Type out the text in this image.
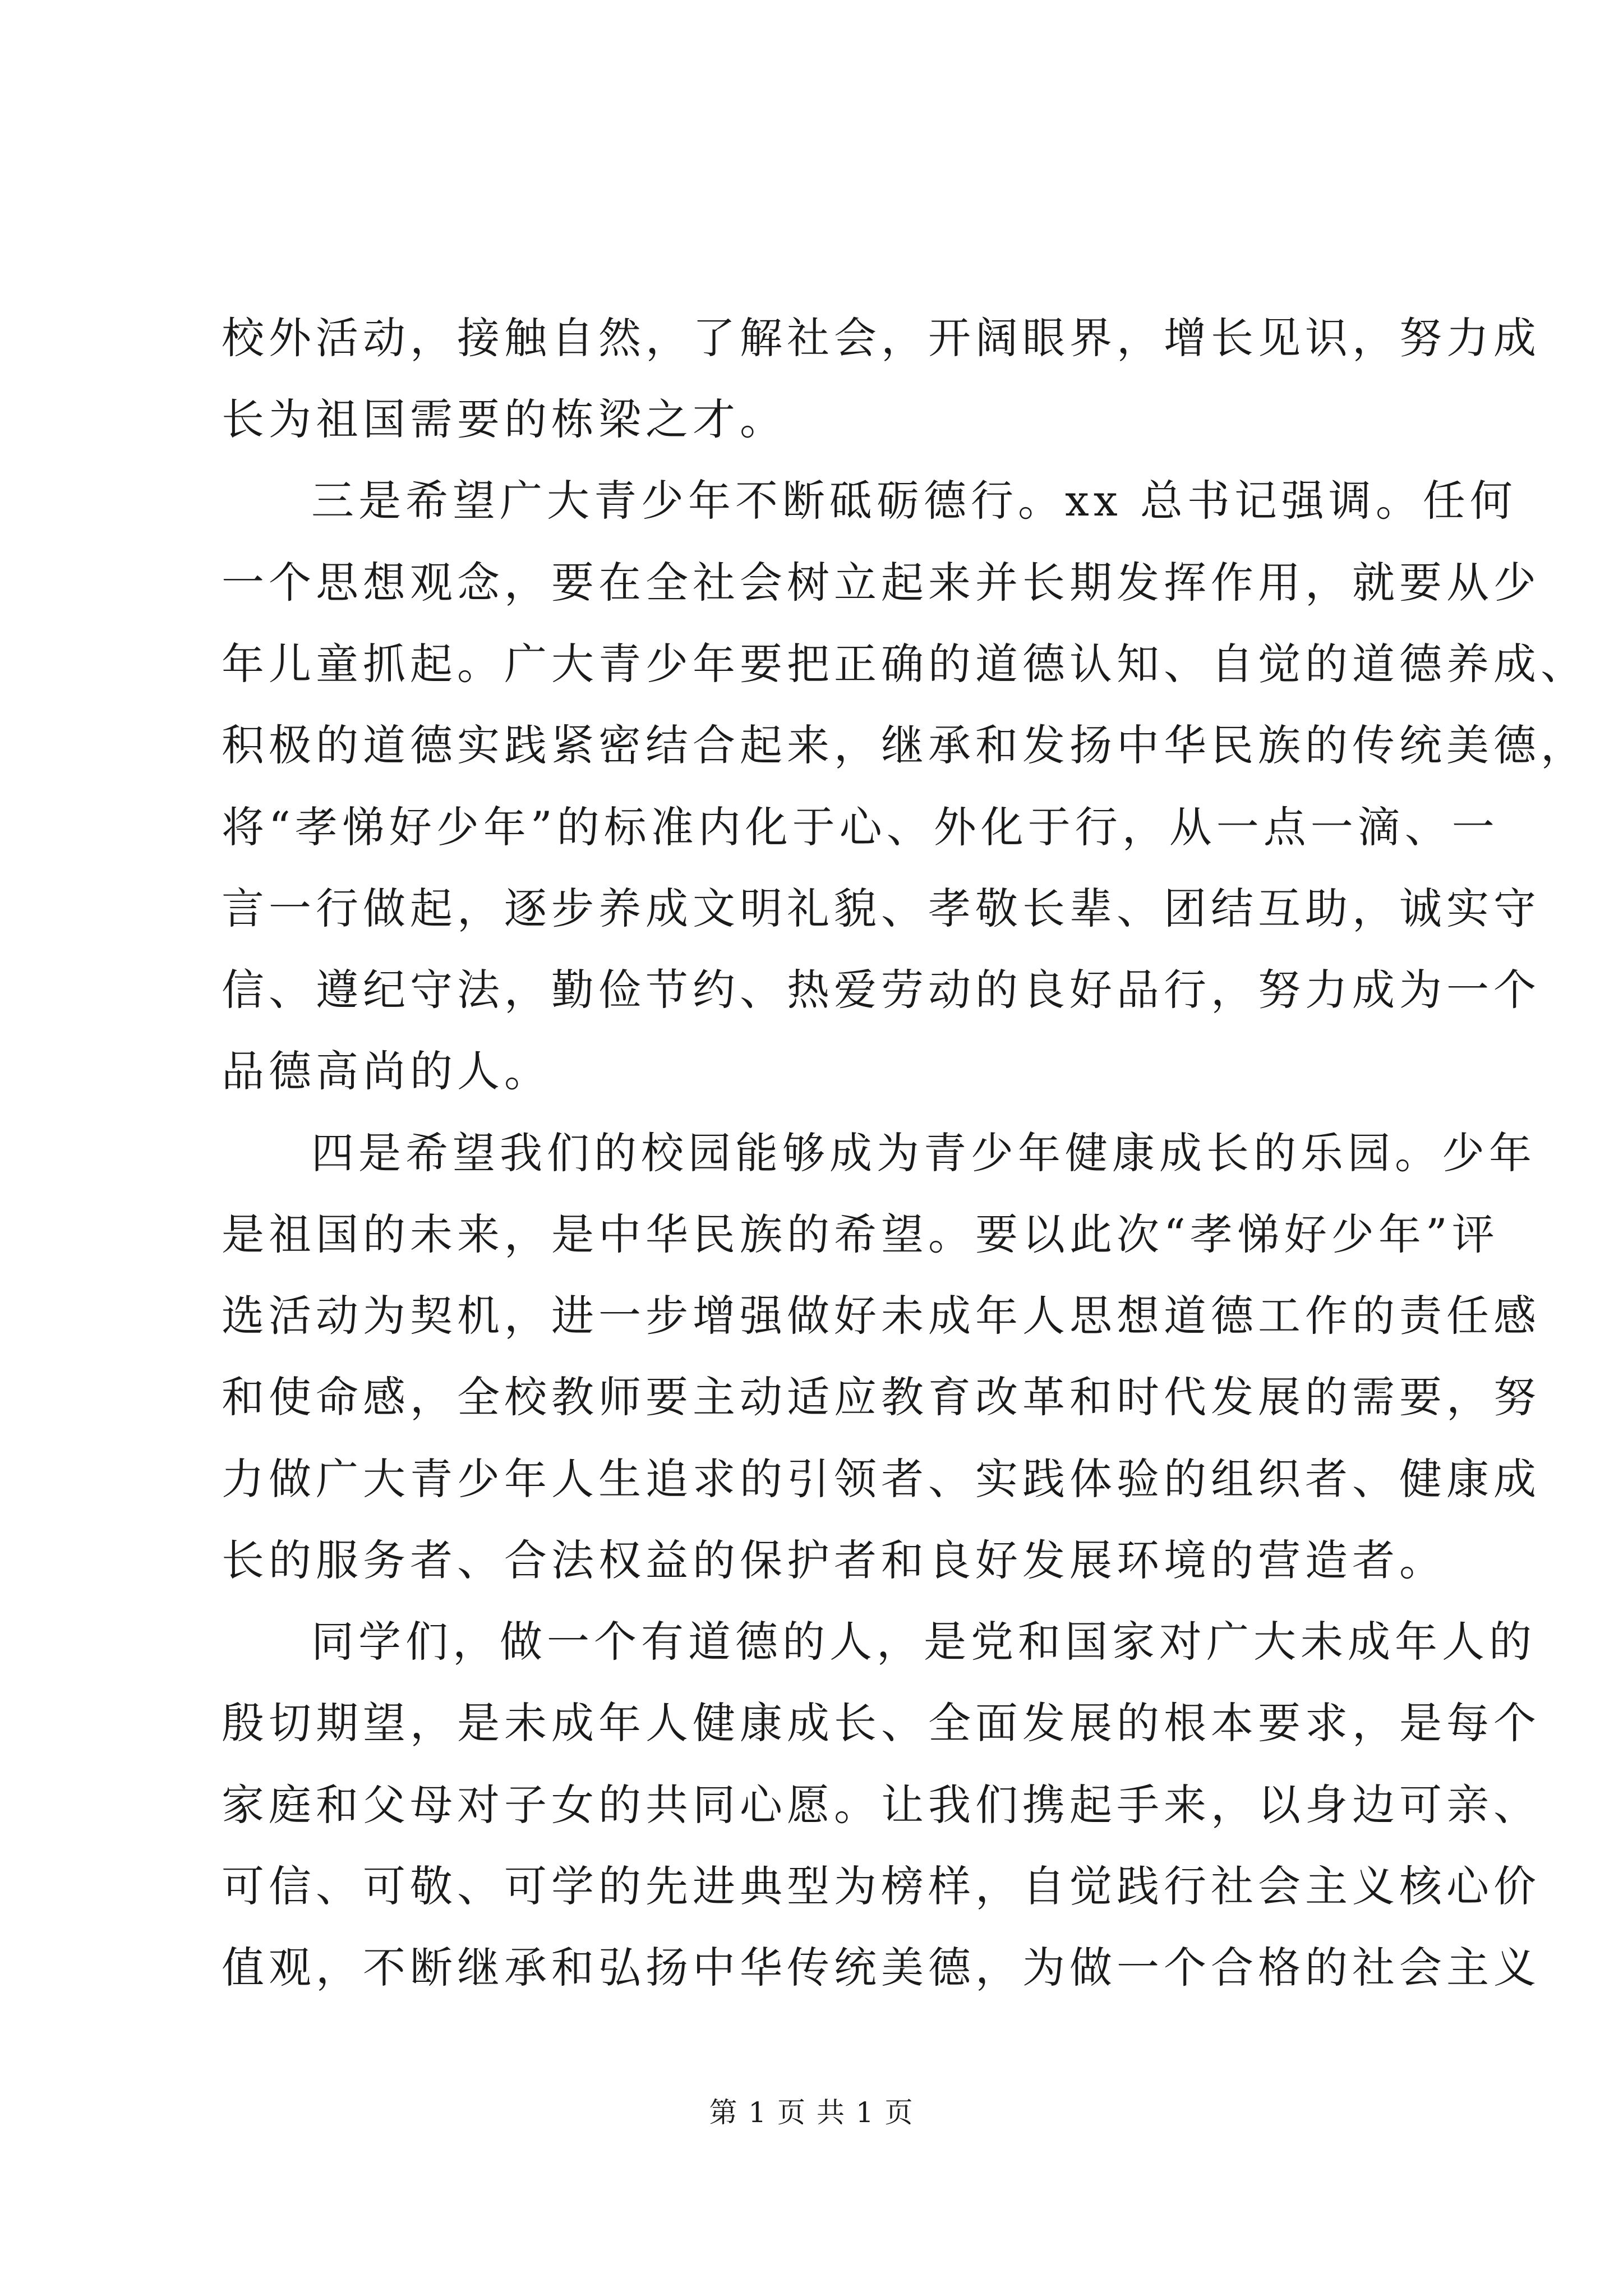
校外活动，接触自然，了解社会，开阔眼界，增长见识，努力成
长为祖国需要的栋梁之才。
三是希望广大青少年不断砥砺德行。xx 总书记强调。任何
一个思想观念，要在全社会树立起来并长期发挥作用，就要从少
年儿童抓起。广大青少年要把正确的道德认知、自觉的道德养成、
积极的道德实践紧密结合起来，继承和发扬中华民族的传统美德，
将“孝悌好少年”的标准内化于心、外化于行，从一点一滴、一
言一行做起，逐步养成文明礼貌、孝敬长辈、团结互助，诚实守
信、遵纪守法，勤俭节约、热爱劳动的良好品行，努力成为一个
品德高尚的人。
四是希望我们的校园能够成为青少年健康成长的乐园。少年
是祖国的未来，是中华民族的希望。要以此次“孝悌好少年”评
选活动为契机，进一步增强做好未成年人思想道德工作的责任感
和使命感，全校教师要主动适应教育改革和时代发展的需要，努
力做广大青少年人生追求的引领者、实践体验的组织者、健康成
长的服务者、合法权益的保护者和良好发展环境的营造者。
同学们，做一个有道德的人，是党和国家对广大未成年人的
殷切期望，是未成年人健康成长、全面发展的根本要求，是每个
家庭和父母对子女的共同心愿。让我们携起手来，以身边可亲、
可信、可敬、可学的先进典型为榜样，自觉践行社会主义核心价
值观，不断继承和弘扬中华传统美德，为做一个合格的社会主义
第 1 页 共 1 页
